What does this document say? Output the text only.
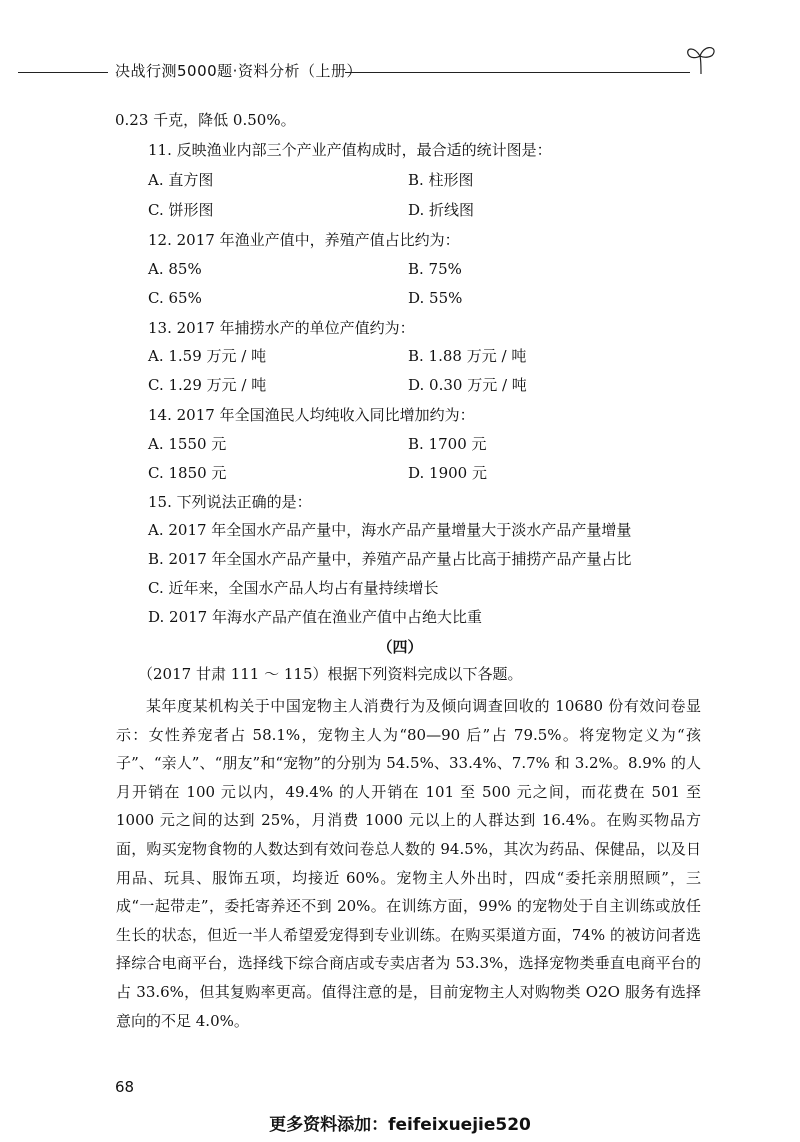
决战行测5000题·资料分析（上册）
0.23 千克，降低 0.50%。
11. 反映渔业内部三个产业产值构成时，最合适的统计图是：
A. 直方图	B. 柱形图
C. 饼形图	D. 折线图
12. 2017 年渔业产值中，养殖产值占比约为：
A. 85%	B. 75%
C. 65%	D. 55%
13. 2017 年捕捞水产的单位产值约为：
A. 1.59 万元 / 吨	B. 1.88 万元 / 吨
C. 1.29 万元 / 吨	D. 0.30 万元 / 吨
14. 2017 年全国渔民人均纯收入同比增加约为：
A. 1550 元	B. 1700 元
C. 1850 元	D. 1900 元
15. 下列说法正确的是：
A. 2017 年全国水产品产量中，海水产品产量增量大于淡水产品产量增量
B. 2017 年全国水产品产量中，养殖产品产量占比高于捕捞产品产量占比
C. 近年来，全国水产品人均占有量持续增长
D. 2017 年海水产品产值在渔业产值中占绝大比重
（四）
（2017 甘肃 111 ～ 115）根据下列资料完成以下各题。
某年度某机构关于中国宠物主人消费行为及倾向调查回收的 10680 份有效问卷显示：女性养宠者占 58.1%，宠物主人为“80—90 后”占 79.5%。将宠物定义为“孩子”、“亲人”、“朋友”和“宠物”的分别为 54.5%、33.4%、7.7% 和 3.2%。8.9% 的人月开销在 100 元以内，49.4% 的人开销在 101 至 500 元之间，而花费在 501 至 1000 元之间的达到 25%，月消费 1000 元以上的人群达到 16.4%。在购买物品方面，购买宠物食物的人数达到有效问卷总人数的 94.5%，其次为药品、保健品，以及日用品、玩具、服饰五项，均接近 60%。宠物主人外出时，四成“委托亲朋照顾”，三成“一起带走”，委托寄养还不到 20%。在训练方面，99% 的宠物处于自主训练或放任生长的状态，但近一半人希望爱宠得到专业训练。在购买渠道方面，74% 的被访问者选择综合电商平台，选择线下综合商店或专卖店者为 53.3%，选择宠物类垂直电商平台的占 33.6%，但其复购率更高。值得注意的是，目前宠物主人对购物类 O2O 服务有选择意向的不足 4.0%。
68
更多资料添加：feifeixuejie520
